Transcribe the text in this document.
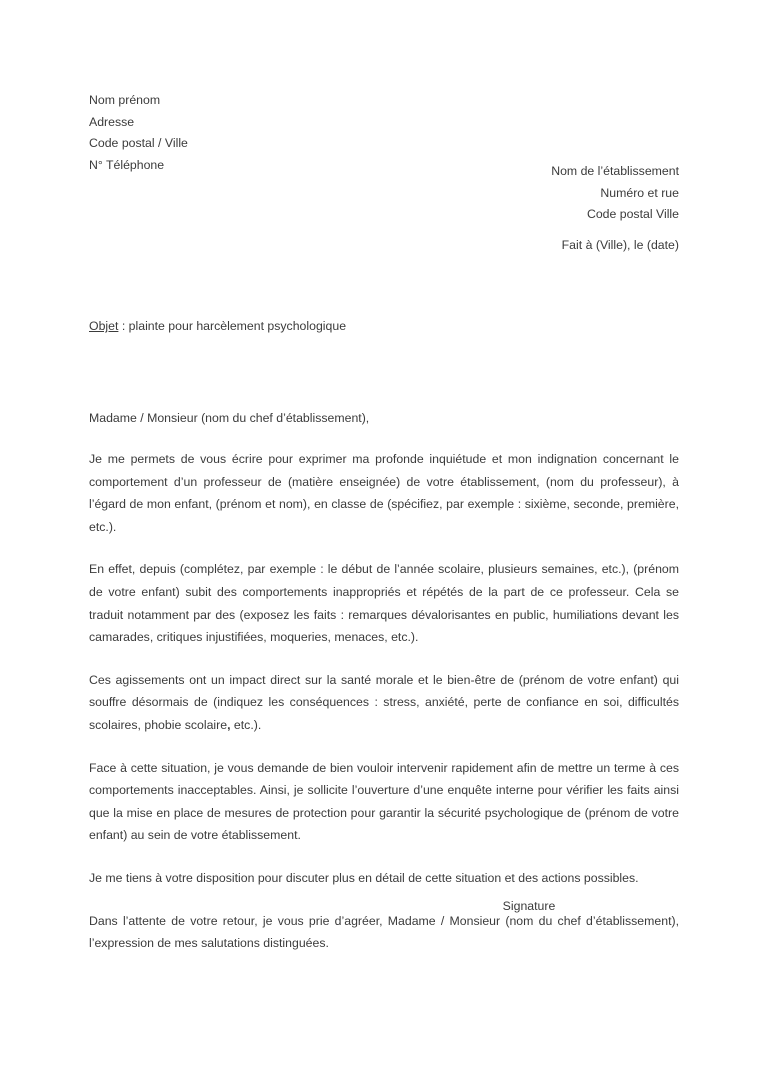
Nom prénom
Adresse
Code postal / Ville
N° Téléphone	Nom de l’établissement
Numéro et rue
Code postal Ville
Fait à (Ville), le (date)
Objet : plainte pour harcèlement psychologique
Madame / Monsieur (nom du chef d’établissement),

Je me permets de vous écrire pour exprimer ma profonde inquiétude et mon indignation concernant le comportement d’un professeur de (matière enseignée) de votre établissement, (nom du professeur), à l’égard de mon enfant, (prénom et nom), en classe de (spécifiez, par exemple : sixième, seconde, première, etc.).

En effet, depuis (complétez, par exemple : le début de l’année scolaire, plusieurs semaines, etc.), (prénom de votre enfant) subit des comportements inappropriés et répétés de la part de ce professeur. Cela se traduit notamment par des (exposez les faits : remarques dévalorisantes en public, humiliations devant les camarades, critiques injustifiées, moqueries, menaces, etc.).

Ces agissements ont un impact direct sur la santé morale et le bien-être de (prénom de votre enfant) qui souffre désormais de (indiquez les conséquences : stress, anxiété, perte de confiance en soi, difficultés scolaires, phobie scolaire, etc.).

Face à cette situation, je vous demande de bien vouloir intervenir rapidement afin de mettre un terme à ces comportements inacceptables. Ainsi, je sollicite l’ouverture d’une enquête interne pour vérifier les faits ainsi que la mise en place de mesures de protection pour garantir la sécurité psychologique de (prénom de votre enfant) au sein de votre établissement.

Je me tiens à votre disposition pour discuter plus en détail de cette situation et des actions possibles.

Dans l’attente de votre retour, je vous prie d’agréer, Madame / Monsieur (nom du chef d’établissement), l’expression de mes salutations distinguées.

Signature
